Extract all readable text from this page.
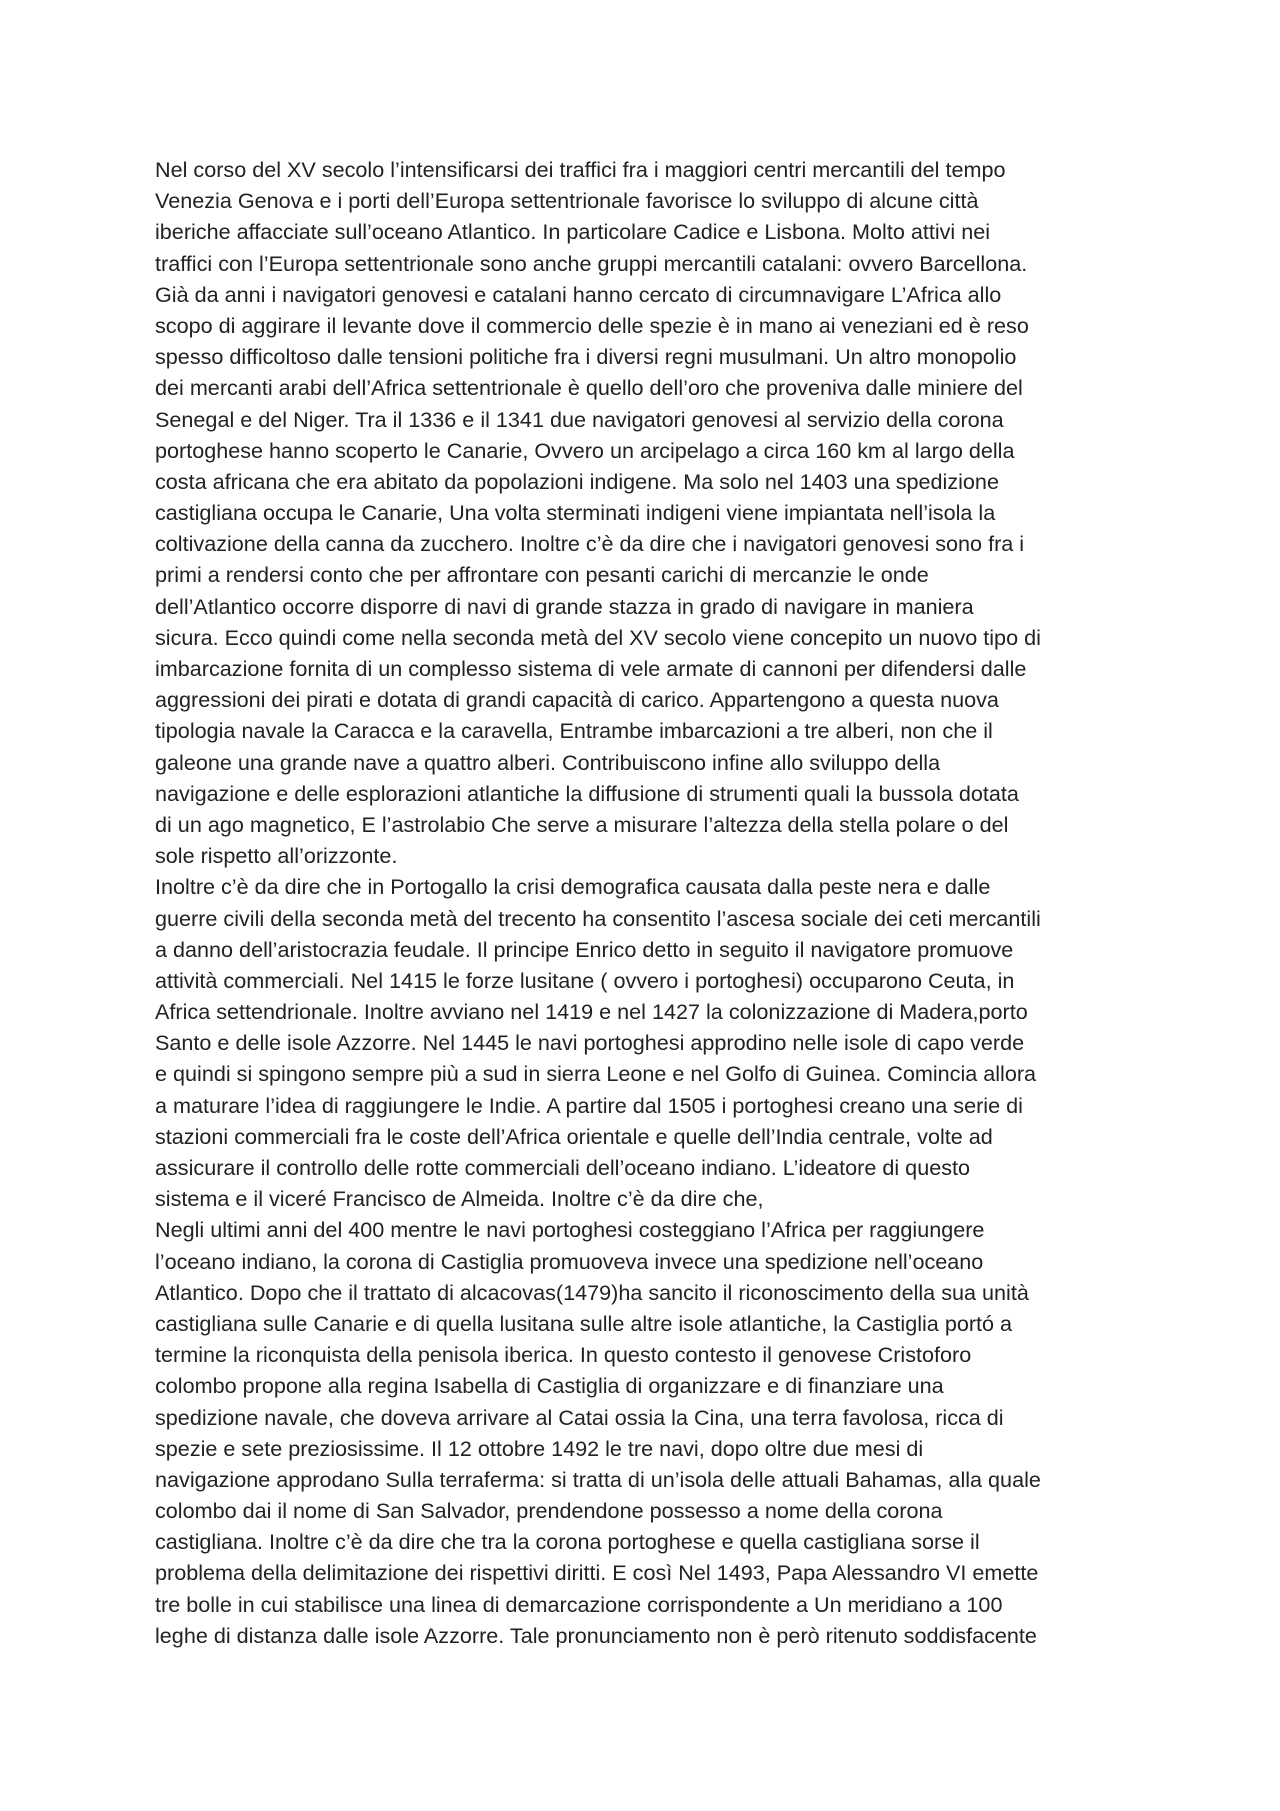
Nel corso del XV secolo l’intensificarsi dei traffici fra i maggiori centri mercantili del tempo
Venezia Genova e i porti dell’Europa settentrionale favorisce lo sviluppo di alcune città
iberiche affacciate sull’oceano Atlantico. In particolare Cadice e Lisbona. Molto attivi nei
traffici con l’Europa settentrionale sono anche gruppi mercantili catalani: ovvero Barcellona.
Già da anni i navigatori genovesi e catalani hanno cercato di circumnavigare L’Africa allo
scopo di aggirare il levante dove il commercio delle spezie è in mano ai veneziani ed è reso
spesso difficoltoso dalle tensioni politiche fra i diversi regni musulmani. Un altro monopolio
dei mercanti arabi dell’Africa settentrionale è quello dell’oro che proveniva dalle miniere del
Senegal e del Niger. Tra il 1336 e il 1341 due navigatori genovesi al servizio della corona
portoghese hanno scoperto le Canarie, Ovvero un arcipelago a circa 160 km al largo della
costa africana che era abitato da popolazioni indigene. Ma solo nel 1403 una spedizione
castigliana occupa le Canarie, Una volta sterminati indigeni viene impiantata nell’isola la
coltivazione della canna da zucchero. Inoltre c’è da dire che i navigatori genovesi sono fra i
primi a rendersi conto che per affrontare con pesanti carichi di mercanzie le onde
dell’Atlantico occorre disporre di navi di grande stazza in grado di navigare in maniera
sicura. Ecco quindi come nella seconda metà del XV secolo viene concepito un nuovo tipo di
imbarcazione fornita di un complesso sistema di vele armate di cannoni per difendersi dalle
aggressioni dei pirati e dotata di grandi capacità di carico. Appartengono a questa nuova
tipologia navale la Caracca e la caravella, Entrambe imbarcazioni a tre alberi, non che il
galeone una grande nave a quattro alberi. Contribuiscono infine allo sviluppo della
navigazione e delle esplorazioni atlantiche la diffusione di strumenti quali la bussola dotata
di un ago magnetico, E l’astrolabio Che serve a misurare l’altezza della stella polare o del
sole rispetto all’orizzonte.
Inoltre c’è da dire che in Portogallo la crisi demografica causata dalla peste nera e dalle
guerre civili della seconda metà del trecento ha consentito l’ascesa sociale dei ceti mercantili
a danno dell’aristocrazia feudale. Il principe Enrico detto in seguito il navigatore promuove
attività commerciali. Nel 1415 le forze lusitane ( ovvero i portoghesi) occuparono Ceuta, in
Africa settendrionale. Inoltre avviano nel 1419 e nel 1427 la colonizzazione di Madera,porto
Santo e delle isole Azzorre. Nel 1445 le navi portoghesi approdino nelle isole di capo verde
e quindi si spingono sempre più a sud in sierra Leone e nel Golfo di Guinea. Comincia allora
a maturare l’idea di raggiungere le Indie. A partire dal 1505 i portoghesi creano una serie di
stazioni commerciali fra le coste dell’Africa orientale e quelle dell’India centrale, volte ad
assicurare il controllo delle rotte commerciali dell’oceano indiano. L’ideatore di questo
sistema e il viceré Francisco de Almeida. Inoltre c’è da dire che,
Negli ultimi anni del 400 mentre le navi portoghesi costeggiano l’Africa per raggiungere
l’oceano indiano, la corona di Castiglia promuoveva invece una spedizione nell’oceano
Atlantico. Dopo che il trattato di alcacovas(1479)ha sancito il riconoscimento della sua unità
castigliana sulle Canarie e di quella lusitana sulle altre isole atlantiche, la Castiglia portó a
termine la riconquista della penisola iberica. In questo contesto il genovese Cristoforo
colombo propone alla regina Isabella di Castiglia di organizzare e di finanziare una
spedizione navale, che doveva arrivare al Catai ossia la Cina, una terra favolosa, ricca di
spezie e sete preziosissime. Il 12 ottobre 1492 le tre navi, dopo oltre due mesi di
navigazione approdano Sulla terraferma: si tratta di un’isola delle attuali Bahamas, alla quale
colombo dai il nome di San Salvador, prendendone possesso a nome della corona
castigliana. Inoltre c’è da dire che tra la corona portoghese e quella castigliana sorse il
problema della delimitazione dei rispettivi diritti. E così Nel 1493, Papa Alessandro VI emette
tre bolle in cui stabilisce una linea di demarcazione corrispondente a Un meridiano a 100
leghe di distanza dalle isole Azzorre. Tale pronunciamento non è però ritenuto soddisfacente
